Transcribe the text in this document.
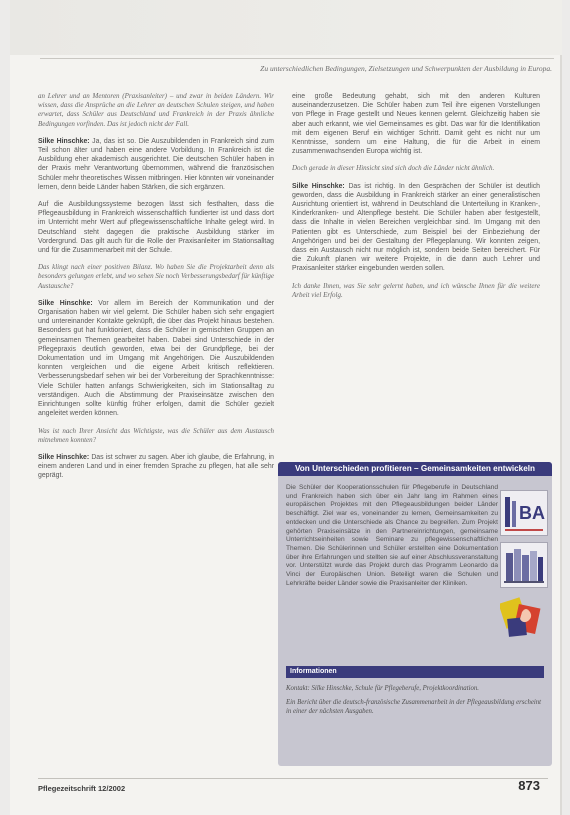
Zu unterschiedlichen Bedingungen, Zielsetzungen und Schwerpunkten der Ausbildung in Europa.

an Lehrer und an Mentoren (Praxisanleiter) – und zwar in beiden Ländern. Wir wissen, dass die Ansprüche an die Lehrer an deutschen Schulen steigen, und haben erwartet, dass Schüler aus Deutschland und Frankreich in der Praxis ähnliche Bedingungen vorfinden. Das ist jedoch nicht der Fall.

Silke Hinschke: Ja, das ist so. Die Auszubildenden in Frankreich sind zum Teil schon älter und haben eine andere Vorbildung. In Frankreich ist die Ausbildung eher akademisch ausgerichtet. Die deutschen Schüler haben in der Praxis mehr Verantwortung übernommen, während die französischen Schüler mehr theoretisches Wissen mitbringen. Hier könnten wir voneinander lernen, denn beide Länder haben Stärken, die sich ergänzen.

Auf die Ausbildungssysteme bezogen lässt sich festhalten, dass die Pflegeausbildung in Frankreich wissenschaftlich fundierter ist und dass dort im Unterricht mehr Wert auf pflegewissenschaftliche Inhalte gelegt wird. In Deutschland steht dagegen die praktische Ausbildung stärker im Vordergrund. Das gilt auch für die Rolle der Praxisanleiter im Stationsalltag und für die Zusammenarbeit mit der Schule.

Das klingt nach einer positiven Bilanz. Wo haben Sie die Projektarbeit denn als besonders gelungen erlebt, und wo sehen Sie noch Verbesserungsbedarf für künftige Austausche?

Silke Hinschke: Vor allem im Bereich der Kommunikation und der Organisation haben wir viel gelernt. Die Schüler haben sich sehr engagiert und untereinander Kontakte geknüpft, die über das Projekt hinaus bestehen. Besonders gut hat funktioniert, dass die Schüler in gemischten Gruppen an gemeinsamen Themen gearbeitet haben. Dabei sind Unterschiede in der Pflegepraxis deutlich geworden, etwa bei der Grundpflege, bei der Dokumentation und im Umgang mit Angehörigen. Die Auszubildenden konnten vergleichen und die eigene Arbeit kritisch reflektieren. Verbesserungsbedarf sehen wir bei der Vorbereitung der Sprachkenntnisse: Viele Schüler hatten anfangs Schwierigkeiten, sich im Stationsalltag zu verständigen. Auch die Abstimmung der Praxiseinsätze zwischen den Einrichtungen sollte künftig früher erfolgen, damit die Schüler gezielt angeleitet werden können.

Was ist nach Ihrer Ansicht das Wichtigste, was die Schüler aus dem Austausch mitnehmen konnten?

Silke Hinschke: Das ist schwer zu sagen. Aber ich glaube, die Erfahrung, in einem anderen Land und in einer fremden Sprache zu pflegen, hat alle sehr geprägt.

eine große Bedeutung gehabt, sich mit den anderen Kulturen auseinanderzusetzen. Die Schüler haben zum Teil ihre eigenen Vorstellungen von Pflege in Frage gestellt und Neues kennen gelernt. Gleichzeitig haben sie aber auch erkannt, wie viel Gemeinsames es gibt. Das war für die Identifikation mit dem eigenen Beruf ein wichtiger Schritt. Damit geht es nicht nur um Kenntnisse, sondern um eine Haltung, die für die Arbeit in einem zusammenwachsenden Europa wichtig ist.

Doch gerade in dieser Hinsicht sind sich doch die Länder nicht ähnlich.

Silke Hinschke: Das ist richtig. In den Gesprächen der Schüler ist deutlich geworden, dass die Ausbildung in Frankreich stärker an einer generalistischen Ausrichtung orientiert ist, während in Deutschland die Unterteilung in Kranken-, Kinderkranken- und Altenpflege besteht. Die Schüler haben aber festgestellt, dass die Inhalte in vielen Bereichen vergleichbar sind. Im Umgang mit den Patienten gibt es Unterschiede, zum Beispiel bei der Einbeziehung der Angehörigen und bei der Gestaltung der Pflegeplanung. Wir konnten zeigen, dass ein Austausch nicht nur möglich ist, sondern beide Seiten bereichert. Für die Zukunft planen wir weitere Projekte, in die dann auch Lehrer und Praxisanleiter stärker eingebunden werden sollen.

Ich danke Ihnen, was Sie sehr gelernt haben, und ich wünsche Ihnen für die weitere Arbeit viel Erfolg.

Von Unterschieden profitieren – Gemeinsamkeiten entwickeln
Die Schüler der Kooperationsschulen für Pflegeberufe in Deutschland und Frankreich haben sich über ein Jahr lang im Rahmen eines europäischen Projektes mit den Pflegeausbildungen beider Länder beschäftigt. Ziel war es, voneinander zu lernen, Gemeinsamkeiten zu entdecken und die Unterschiede als Chance zu begreifen. Zum Projekt gehörten Praxiseinsätze in den Partnereinrichtungen, gemeinsame Unterrichtseinheiten sowie Seminare zu pflegewissenschaftlichen Themen. Die Schülerinnen und Schüler erstellten eine Dokumentation über ihre Erfahrungen und stellten sie auf einer Abschlussveranstaltung vor. Unterstützt wurde das Projekt durch das Programm Leonardo da Vinci der Europäischen Union. Beteiligt waren die Schulen und Lehrkräfte beider Länder sowie die Praxisanleiter der Kliniken.
BA
Informationen

Kontakt: Silke Hinschke, Schule für Pflegeberufe, Projektkoordination.

Ein Bericht über die deutsch-französische Zusammenarbeit in der Pflegeausbildung erscheint in einer der nächsten Ausgaben.

Pflegezeitschrift 12/2002	873
